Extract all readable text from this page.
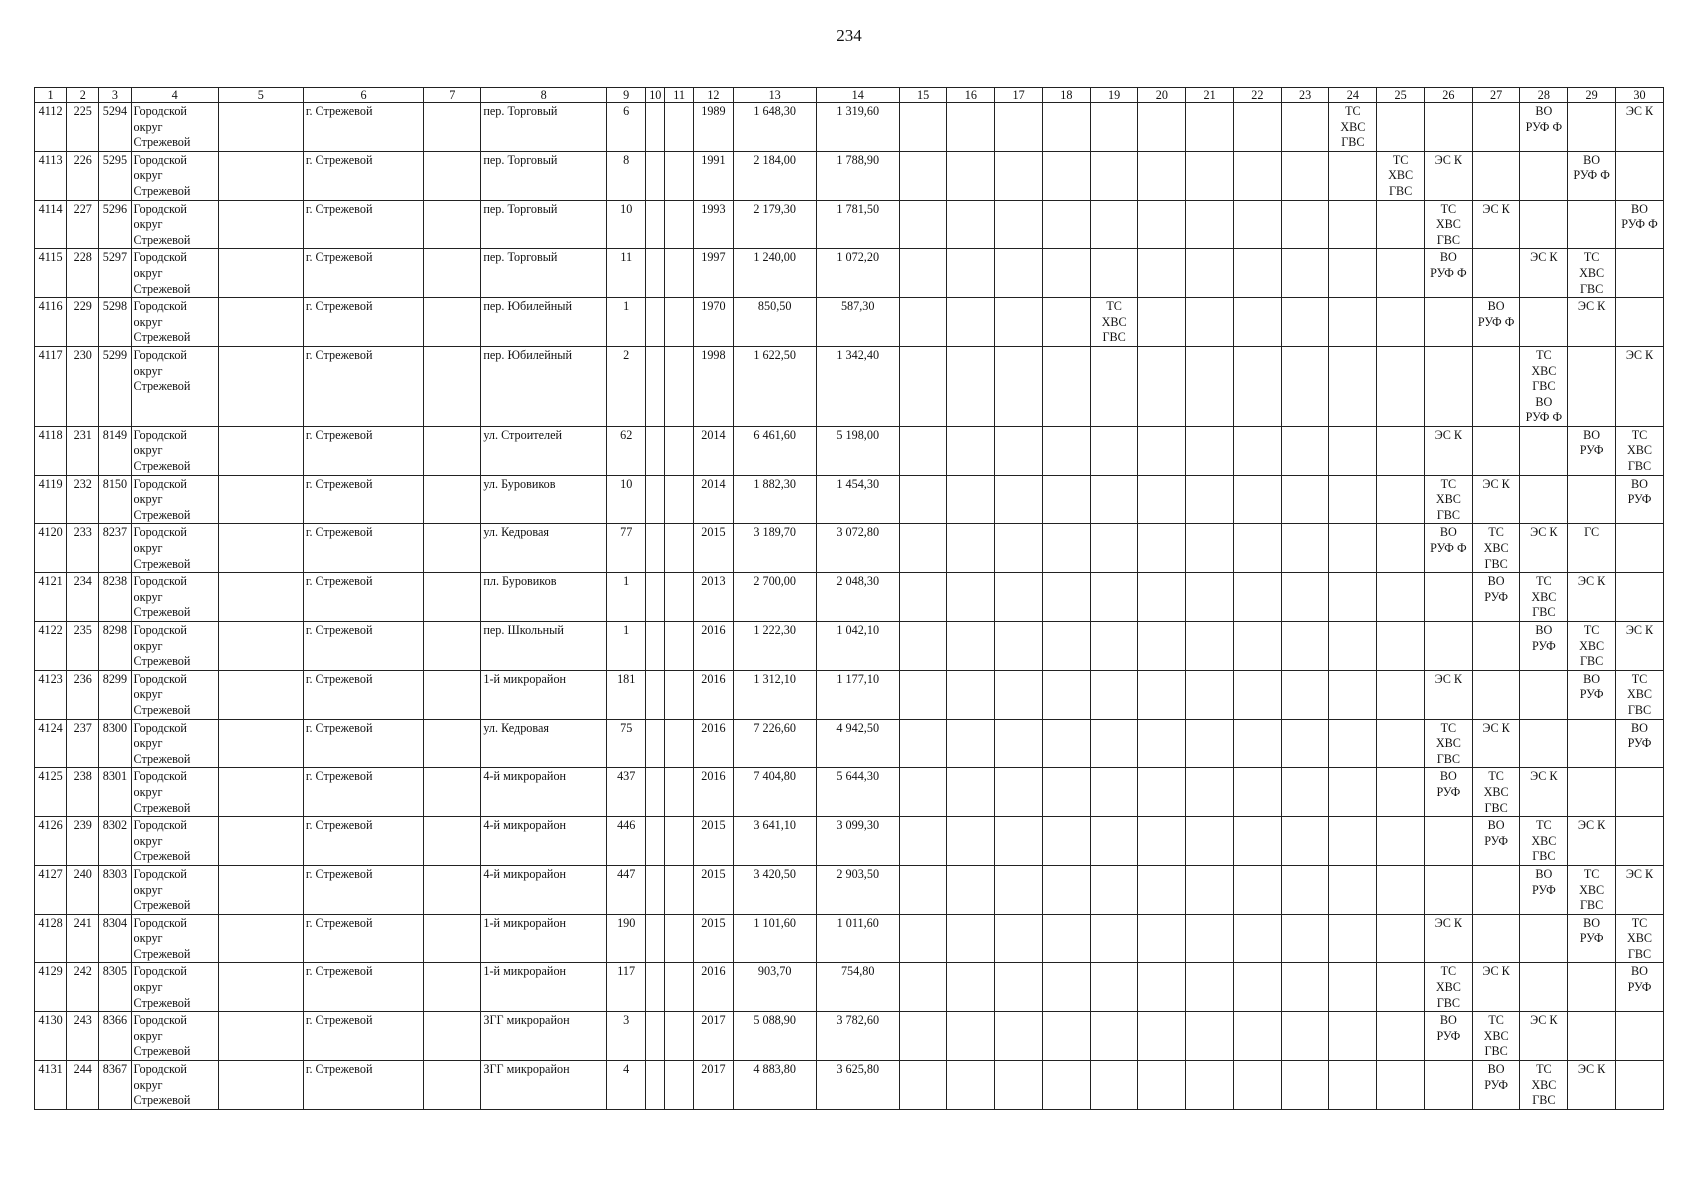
234
1	2	3	4	5	6	7	8	9	10	11	12	13	14	15	16	17	18	19	20	21	22	23	24	25	26	27	28	29	30
4112	225	5294	Городской
округ
Стрежевой		г. Стрежевой		пер. Торговый	6			1989	1 648,30	1 319,60										ТС
ХВС
ГВС				ВО
РУФ Ф		ЭС К
4113	226	5295	Городской
округ
Стрежевой		г. Стрежевой		пер. Торговый	8			1991	2 184,00	1 788,90											ТС
ХВС
ГВС	ЭС К			ВО
РУФ Ф	
4114	227	5296	Городской
округ
Стрежевой		г. Стрежевой		пер. Торговый	10			1993	2 179,30	1 781,50												ТС
ХВС
ГВС	ЭС К			ВО
РУФ Ф
4115	228	5297	Городской
округ
Стрежевой		г. Стрежевой		пер. Торговый	11			1997	1 240,00	1 072,20												ВО
РУФ Ф		ЭС К	ТС
ХВС
ГВС	
4116	229	5298	Городской
округ
Стрежевой		г. Стрежевой		пер. Юбилейный	1			1970	850,50	587,30					ТС
ХВС
ГВС								ВО
РУФ Ф		ЭС К	
4117	230	5299	Городской
округ
Стрежевой		г. Стрежевой		пер. Юбилейный	2			1998	1 622,50	1 342,40														ТС
ХВС
ГВС
ВО
РУФ Ф		ЭС К
4118	231	8149	Городской
округ
Стрежевой		г. Стрежевой		ул. Строителей	62			2014	6 461,60	5 198,00												ЭС К			ВО
РУФ	ТС
ХВС
ГВС
4119	232	8150	Городской
округ
Стрежевой		г. Стрежевой		ул. Буровиков	10			2014	1 882,30	1 454,30												ТС
ХВС
ГВС	ЭС К			ВО
РУФ
4120	233	8237	Городской
округ
Стрежевой		г. Стрежевой		ул. Кедровая	77			2015	3 189,70	3 072,80												ВО
РУФ Ф	ТС
ХВС
ГВС	ЭС К	ГС	
4121	234	8238	Городской
округ
Стрежевой		г. Стрежевой		пл. Буровиков	1			2013	2 700,00	2 048,30													ВО
РУФ	ТС
ХВС
ГВС	ЭС К	
4122	235	8298	Городской
округ
Стрежевой		г. Стрежевой		пер. Школьный	1			2016	1 222,30	1 042,10														ВО
РУФ	ТС
ХВС
ГВС	ЭС К
4123	236	8299	Городской
округ
Стрежевой		г. Стрежевой		1-й микрорайон	181			2016	1 312,10	1 177,10												ЭС К			ВО
РУФ	ТС
ХВС
ГВС
4124	237	8300	Городской
округ
Стрежевой		г. Стрежевой		ул. Кедровая	75			2016	7 226,60	4 942,50												ТС
ХВС
ГВС	ЭС К			ВО
РУФ
4125	238	8301	Городской
округ
Стрежевой		г. Стрежевой		4-й микрорайон	437			2016	7 404,80	5 644,30												ВО
РУФ	ТС
ХВС
ГВС	ЭС К		
4126	239	8302	Городской
округ
Стрежевой		г. Стрежевой		4-й микрорайон	446			2015	3 641,10	3 099,30													ВО
РУФ	ТС
ХВС
ГВС	ЭС К	
4127	240	8303	Городской
округ
Стрежевой		г. Стрежевой		4-й микрорайон	447			2015	3 420,50	2 903,50														ВО
РУФ	ТС
ХВС
ГВС	ЭС К
4128	241	8304	Городской
округ
Стрежевой		г. Стрежевой		1-й микрорайон	190			2015	1 101,60	1 011,60												ЭС К			ВО
РУФ	ТС
ХВС
ГВС
4129	242	8305	Городской
округ
Стрежевой		г. Стрежевой		1-й микрорайон	117			2016	903,70	754,80												ТС
ХВС
ГВС	ЭС К			ВО
РУФ
4130	243	8366	Городской
округ
Стрежевой		г. Стрежевой		ЗГГ микрорайон	3			2017	5 088,90	3 782,60												ВО
РУФ	ТС
ХВС
ГВС	ЭС К		
4131	244	8367	Городской
округ
Стрежевой		г. Стрежевой		ЗГГ микрорайон	4			2017	4 883,80	3 625,80													ВО
РУФ	ТС
ХВС
ГВС	ЭС К	
